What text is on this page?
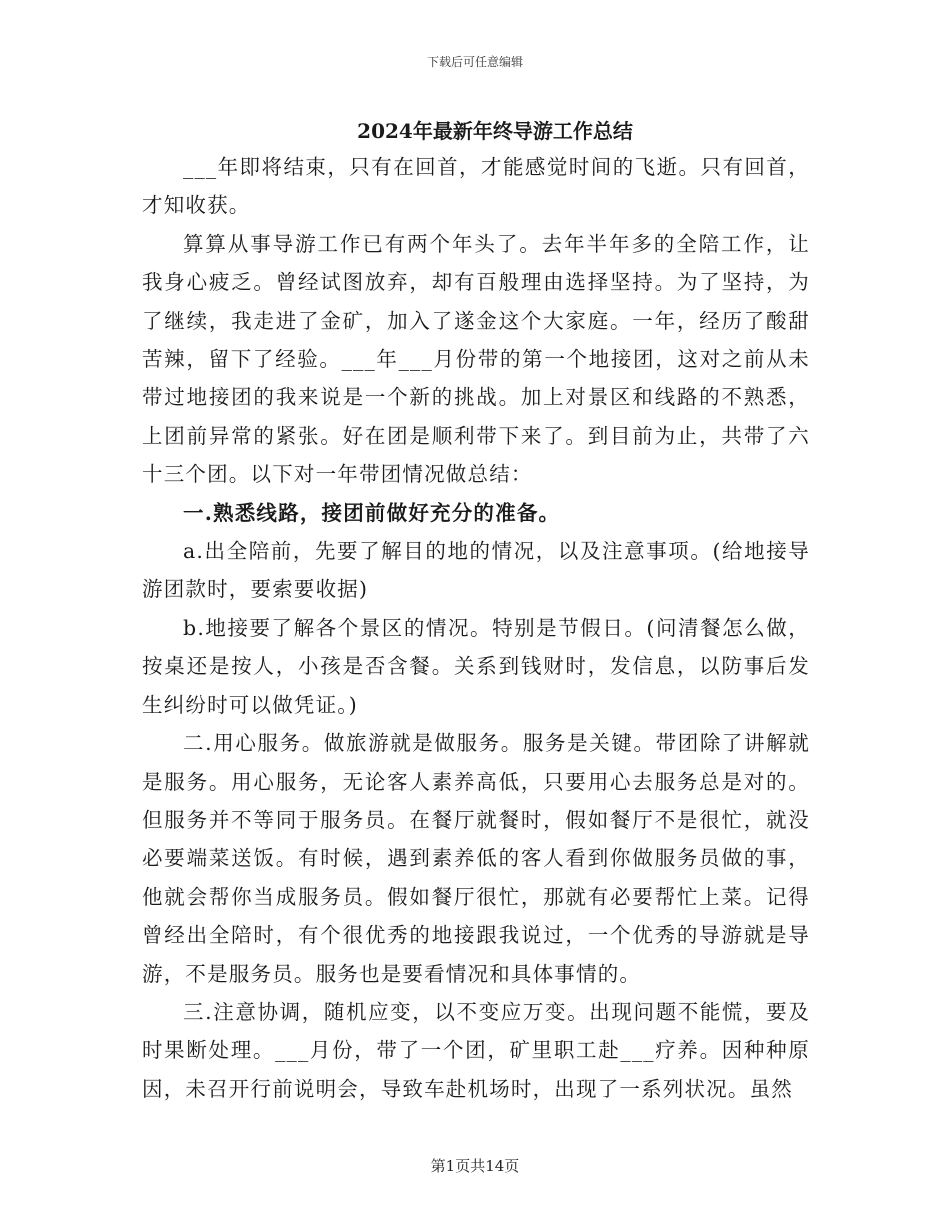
下载后可任意编辑
2024年最新年终导游工作总结

___年即将结束，只有在回首，才能感觉时间的飞逝。只有回首，才知收获。

算算从事导游工作已有两个年头了。去年半年多的全陪工作，让我身心疲乏。曾经试图放弃，却有百般理由选择坚持。为了坚持，为了继续，我走进了金矿，加入了遂金这个大家庭。一年，经历了酸甜苦辣，留下了经验。___年___月份带的第一个地接团，这对之前从未带过地接团的我来说是一个新的挑战。加上对景区和线路的不熟悉，上团前异常的紧张。好在团是顺利带下来了。到目前为止，共带了六十三个团。以下对一年带团情况做总结：

一.熟悉线路，接团前做好充分的准备。

a.出全陪前，先要了解目的地的情况，以及注意事项。(给地接导游团款时，要索要收据)

b.地接要了解各个景区的情况。特别是节假日。(问清餐怎么做，按桌还是按人，小孩是否含餐。关系到钱财时，发信息，以防事后发生纠纷时可以做凭证。)

二.用心服务。做旅游就是做服务。服务是关键。带团除了讲解就是服务。用心服务，无论客人素养高低，只要用心去服务总是对的。但服务并不等同于服务员。在餐厅就餐时，假如餐厅不是很忙，就没必要端菜送饭。有时候，遇到素养低的客人看到你做服务员做的事，他就会帮你当成服务员。假如餐厅很忙，那就有必要帮忙上菜。记得曾经出全陪时，有个很优秀的地接跟我说过，一个优秀的导游就是导游，不是服务员。服务也是要看情况和具体事情的。

三.注意协调，随机应变，以不变应万变。出现问题不能慌，要及时果断处理。___月份，带了一个团，矿里职工赴___疗养。因种种原因，未召开行前说明会，导致车赴机场时，出现了一系列状况。虽然

第1页共14页
